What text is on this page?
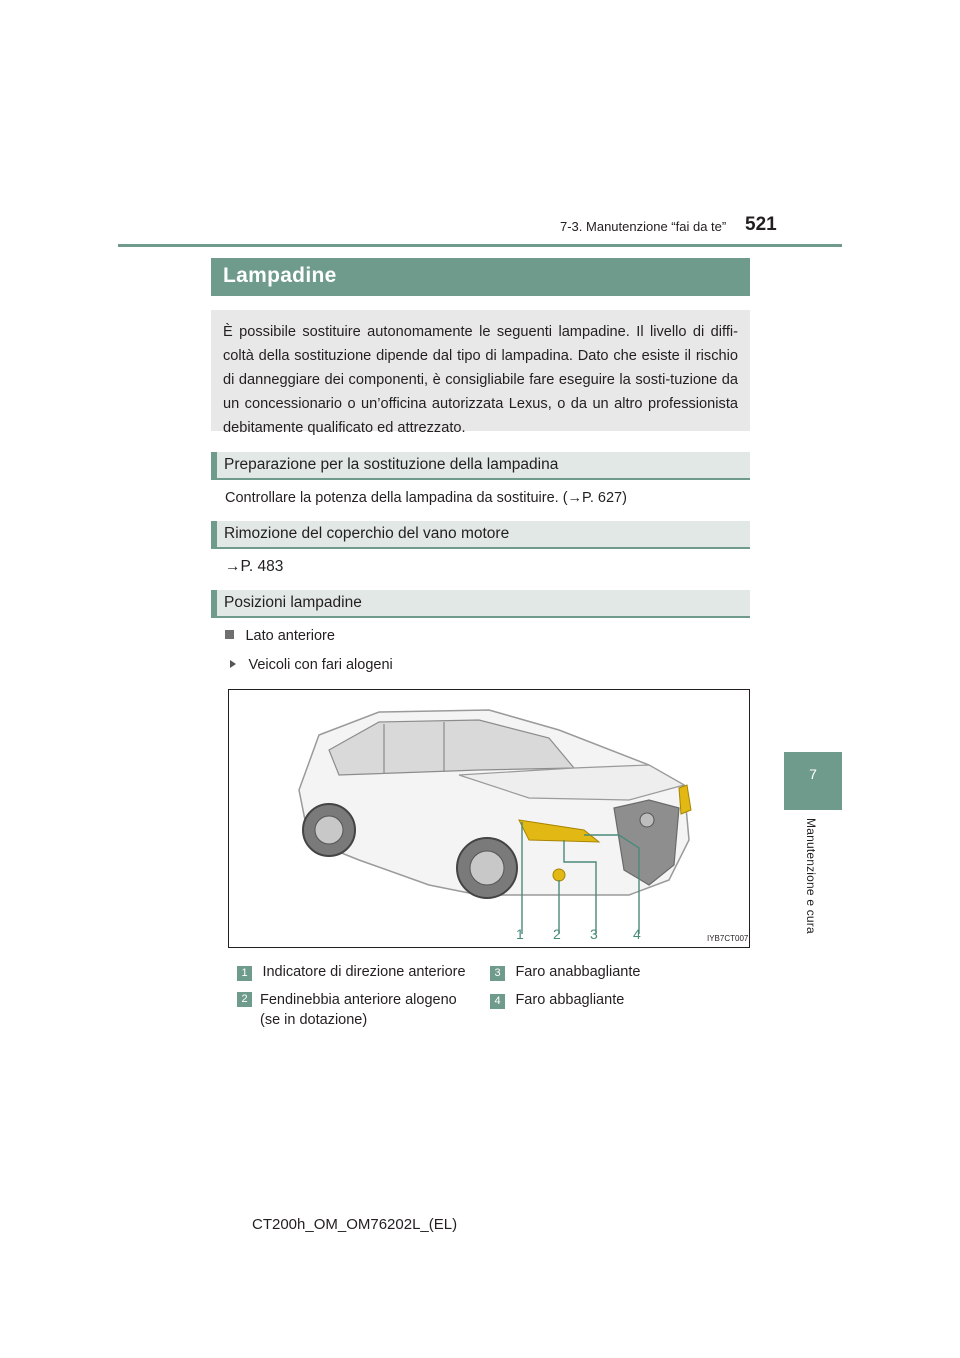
7-3. Manutenzione “fai da te” 521
7
Manutenzione e cura
Lampadine

È possibile sostituire autonomamente le seguenti lampadine. Il livello di diffi-coltà della sostituzione dipende dal tipo di lampadina. Dato che esiste il rischio di danneggiare dei componenti, è consigliabile fare eseguire la sosti-tuzione da un concessionario o un’officina autorizzata Lexus, o da un altro professionista debitamente qualificato ed attrezzato.

Preparazione per la sostituzione della lampadina
Controllare la potenza della lampadina da sostituire. (→P. 627)
Rimozione del coperchio del vano motore
→P. 483
Posizioni lampadine
Lato anteriore
Veicoli con fari alogeni
1 2 3	4	IYB7CT007
1 Indicatore di direzione anteriore
2 Fendinebbia anteriore alogeno (se in dotazione)
3 Faro anabbagliante
4 Faro abbagliante
CT200h_OM_OM76202L_(EL)
